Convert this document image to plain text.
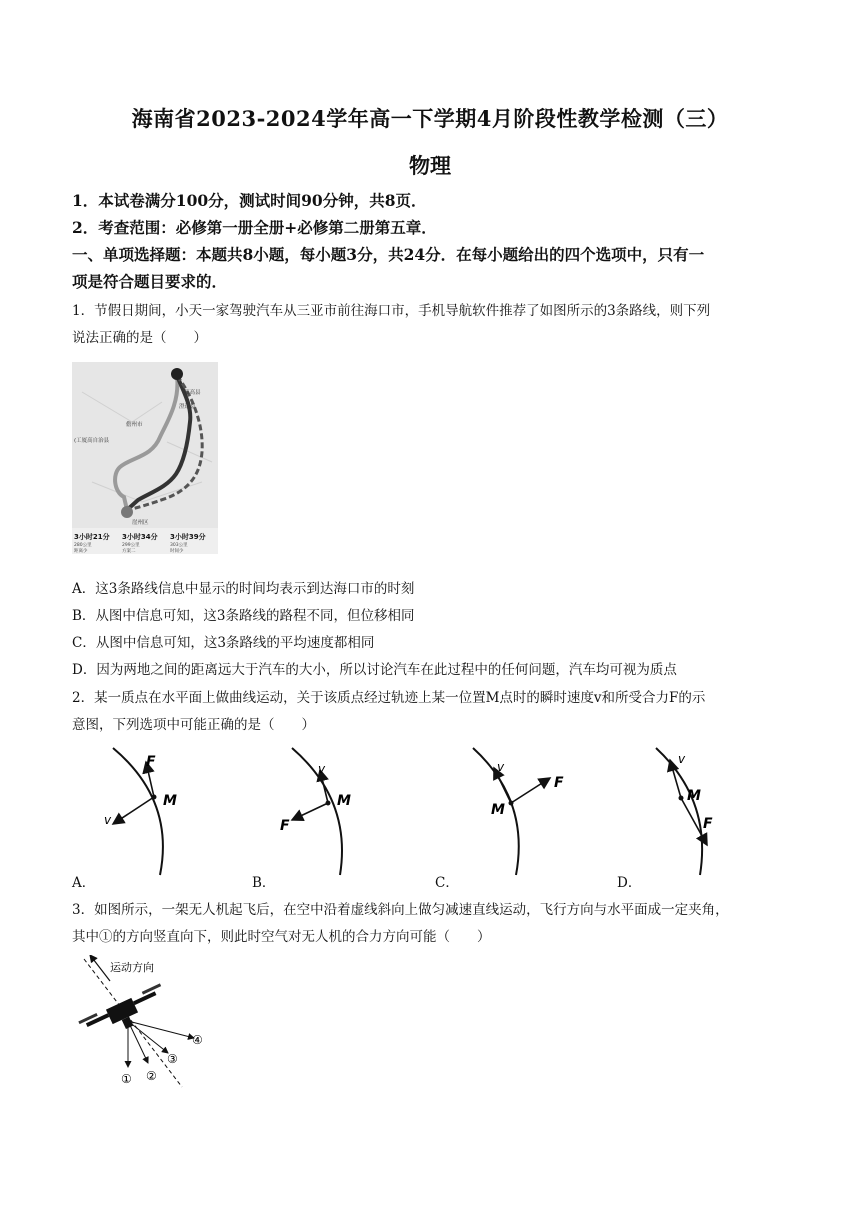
海南省2023-2024学年高一下学期4月阶段性教学检测（三）
物理
1．本试卷满分100分，测试时间90分钟，共8页．
2．考查范围：必修第一册全册+必修第二册第五章．
一、单项选择题：本题共8小题，每小题3分，共24分．在每小题给出的四个选项中，只有一
项是符合题目要求的．
1．节假日期间，小天一家驾驶汽车从三亚市前往海口市，手机导航软件推荐了如图所示的3条路线，则下列
说法正确的是（　　）
临高县
澄迈县
儋州市
(工厦高自治县
崖州区
3小时21分
280公里
距离少
3小时34分
299公里
方案二
3小时39分
303公里
时间少
A．这3条路线信息中显示的时间均表示到达海口市的时刻
B．从图中信息可知，这3条路线的路程不同，但位移相同
C．从图中信息可知，这3条路线的平均速度都相同
D．因为两地之间的距离远大于汽车的大小，所以讨论汽车在此过程中的任何问题，汽车均可视为质点
2．某一质点在水平面上做曲线运动，关于该质点经过轨迹上某一位置M点时的瞬时速度v和所受合力F的示
意图，下列选项中可能正确的是（　　）
F
M
v
v
M
F
v
M
F
v
M
F
A．	B．	C．	D．
3．如图所示，一架无人机起飞后，在空中沿着虚线斜向上做匀减速直线运动，飞行方向与水平面成一定夹角，
其中①的方向竖直向下，则此时空气对无人机的合力方向可能（　　）
运动方向
① ②
③
④
